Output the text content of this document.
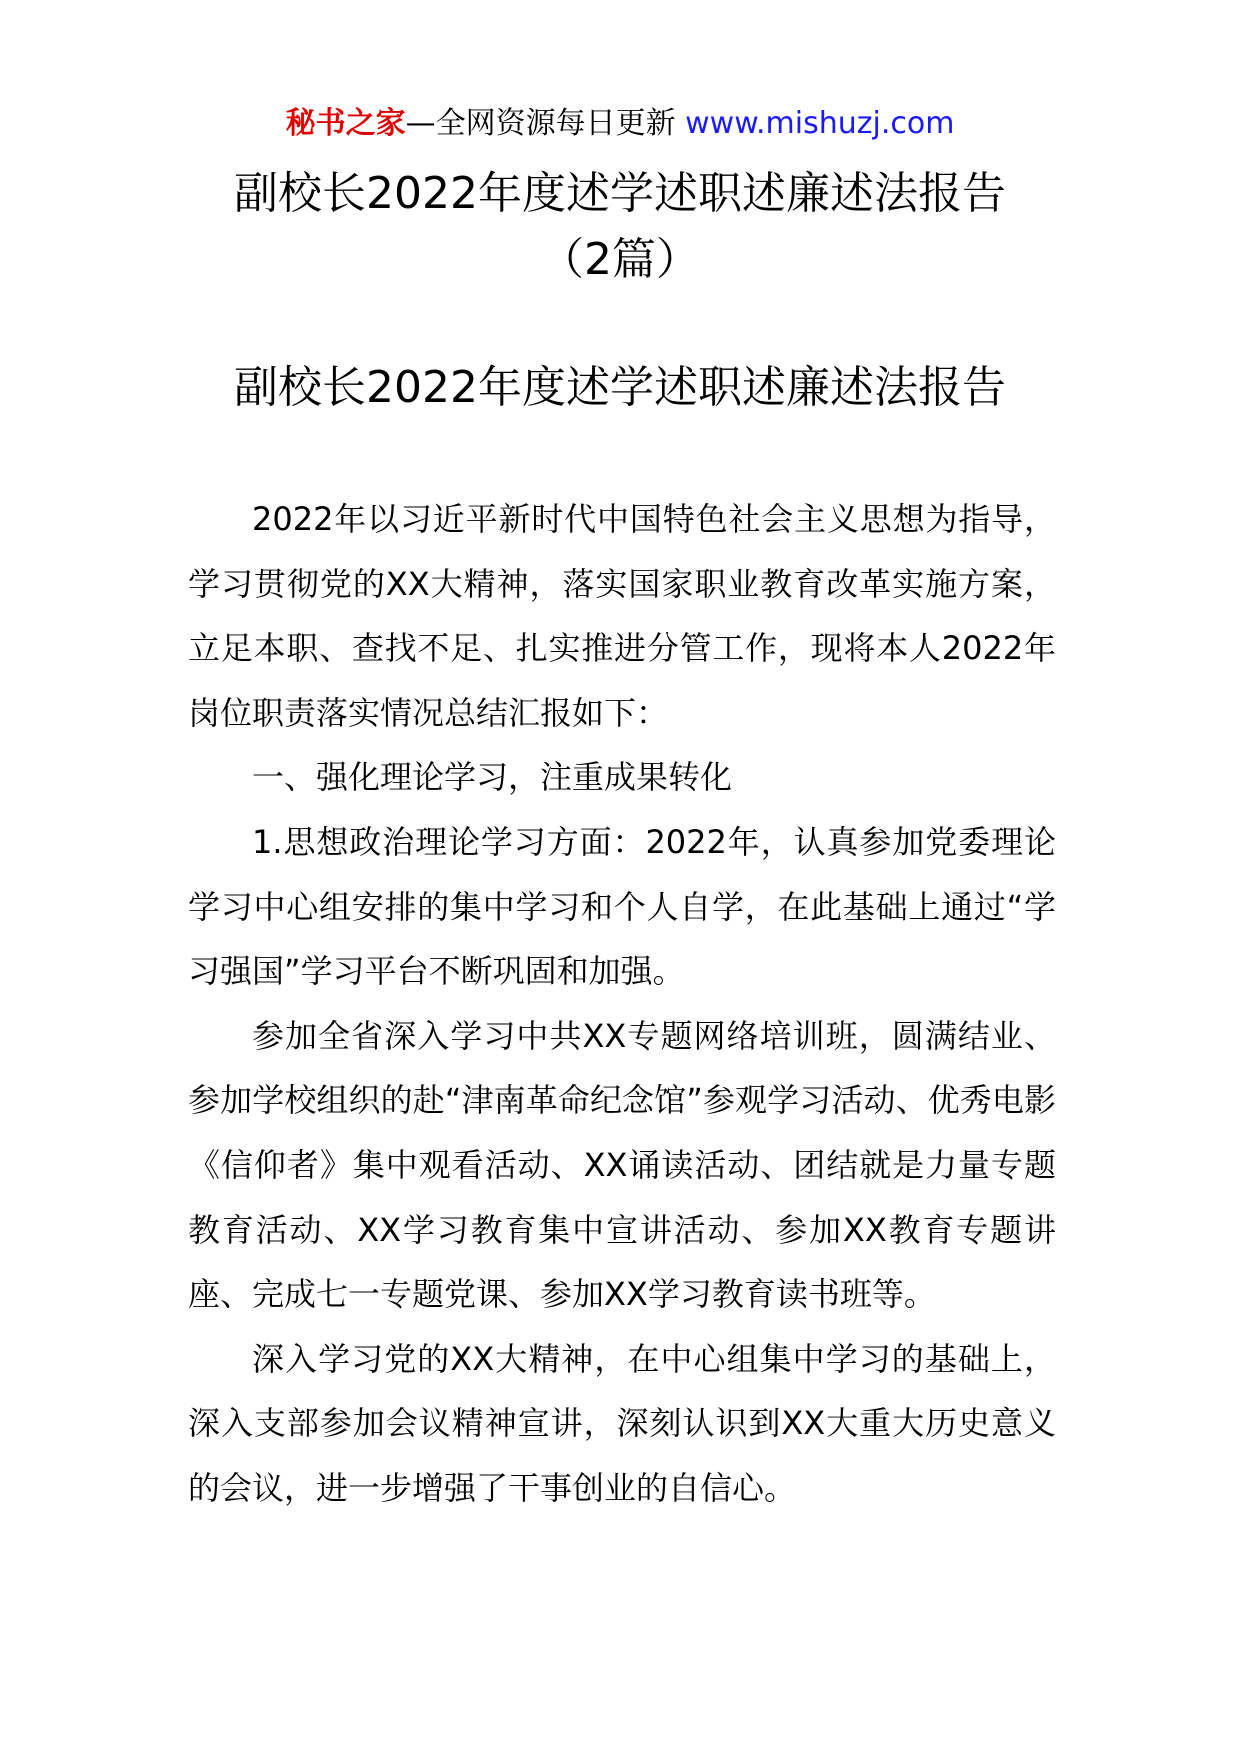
秘书之家—全网资源每日更新 www.mishuzj.com
副校长2022年度述学述职述廉述法报告
（2篇）
副校长2022年度述学述职述廉述法报告

2022年以习近平新时代中国特色社会主义思想为指导，学习贯彻党的XX大精神，落实国家职业教育改革实施方案，立足本职、查找不足、扎实推进分管工作，现将本人2022年岗位职责落实情况总结汇报如下：

一、强化理论学习，注重成果转化

1.思想政治理论学习方面：2022年，认真参加党委理论学习中心组安排的集中学习和个人自学，在此基础上通过“学习强国”学习平台不断巩固和加强。

参加全省深入学习中共XX专题网络培训班，圆满结业、参加学校组织的赴“津南革命纪念馆”参观学习活动、优秀电影《信仰者》集中观看活动、XX诵读活动、团结就是力量专题教育活动、XX学习教育集中宣讲活动、参加XX教育专题讲座、完成七一专题党课、参加XX学习教育读书班等。

深入学习党的XX大精神，在中心组集中学习的基础上，深入支部参加会议精神宣讲，深刻认识到XX大重大历史意义的会议，进一步增强了干事创业的自信心。
